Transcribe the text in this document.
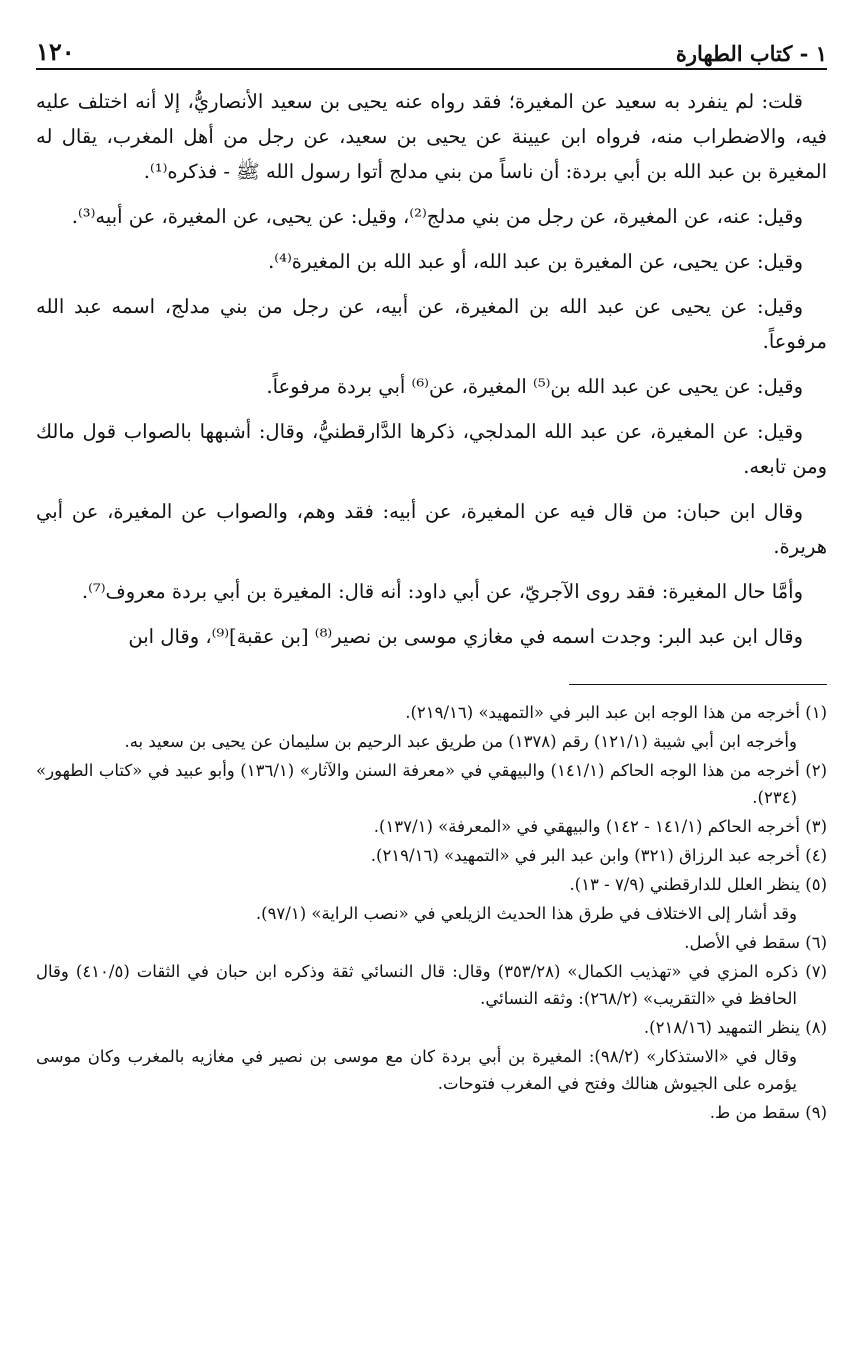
١ - كتاب الطهارة
١٢٠

قلت: لم ينفرد به سعيد عن المغيرة؛ فقد رواه عنه يحيى بن سعيد الأنصاريُّ، إلا أنه اختلف عليه فيه، والاضطراب منه، فرواه ابن عيينة عن يحيى بن سعيد، عن رجل من أهل المغرب، يقال له المغيرة بن عبد الله بن أبي بردة: أن ناساً من بني مدلج أتوا رسول الله ﷺ - فذكره⁽¹⁾.

وقيل: عنه، عن المغيرة، عن رجل من بني مدلج⁽²⁾، وقيل: عن يحيى، عن المغيرة، عن أبيه⁽³⁾.

وقيل: عن يحيى، عن المغيرة بن عبد الله، أو عبد الله بن المغيرة⁽⁴⁾.

وقيل: عن يحيى عن عبد الله بن المغيرة، عن أبيه، عن رجل من بني مدلج، اسمه عبد الله مرفوعاً.

وقيل: عن يحيى عن عبد الله بن⁽⁵⁾ المغيرة، عن⁽⁶⁾ أبي بردة مرفوعاً.

وقيل: عن المغيرة، عن عبد الله المدلجي، ذكرها الدَّارقطنيُّ، وقال: أشبهها بالصواب قول مالك ومن تابعه.

وقال ابن حبان: من قال فيه عن المغيرة، عن أبيه: فقد وهم، والصواب عن المغيرة، عن أبي هريرة.

وأمَّا حال المغيرة: فقد روى الآجريّ، عن أبي داود: أنه قال: المغيرة بن أبي بردة معروف⁽⁷⁾.

وقال ابن عبد البر: وجدت اسمه في مغازي موسى بن نصير⁽⁸⁾ [بن عقبة]⁽⁹⁾، وقال ابن

(١) أخرجه من هذا الوجه ابن عبد البر في «التمهيد» (٢١٩/١٦).

وأخرجه ابن أبي شيبة (١٢١/١) رقم (١٣٧٨) من طريق عبد الرحيم بن سليمان عن يحيى بن سعيد به.

(٢) أخرجه من هذا الوجه الحاكم (١٤١/١) والبيهقي في «معرفة السنن والآثار» (١٣٦/١) وأبو عبيد في «كتاب الطهور» (٢٣٤).

(٣) أخرجه الحاكم (١٤١/١ - ١٤٢) والبيهقي في «المعرفة» (١٣٧/١).

(٤) أخرجه عبد الرزاق (٣٢١) وابن عبد البر في «التمهيد» (٢١٩/١٦).

(٥) ينظر العلل للدارقطني (٧/٩ - ١٣).

وقد أشار إلى الاختلاف في طرق هذا الحديث الزيلعي في «نصب الراية» (٩٧/١).

(٦) سقط في الأصل.

(٧) ذكره المزي في «تهذيب الكمال» (٣٥٣/٢٨) وقال: قال النسائي ثقة وذكره ابن حبان في الثقات (٤١٠/٥) وقال الحافظ في «التقريب» (٢٦٨/٢): وثقه النسائي.

(٨) ينظر التمهيد (٢١٨/١٦).

وقال في «الاستذكار» (٩٨/٢): المغيرة بن أبي بردة كان مع موسى بن نصير في مغازيه بالمغرب وكان موسى يؤمره على الجيوش هنالك وفتح في المغرب فتوحات.

(٩) سقط من ط.
